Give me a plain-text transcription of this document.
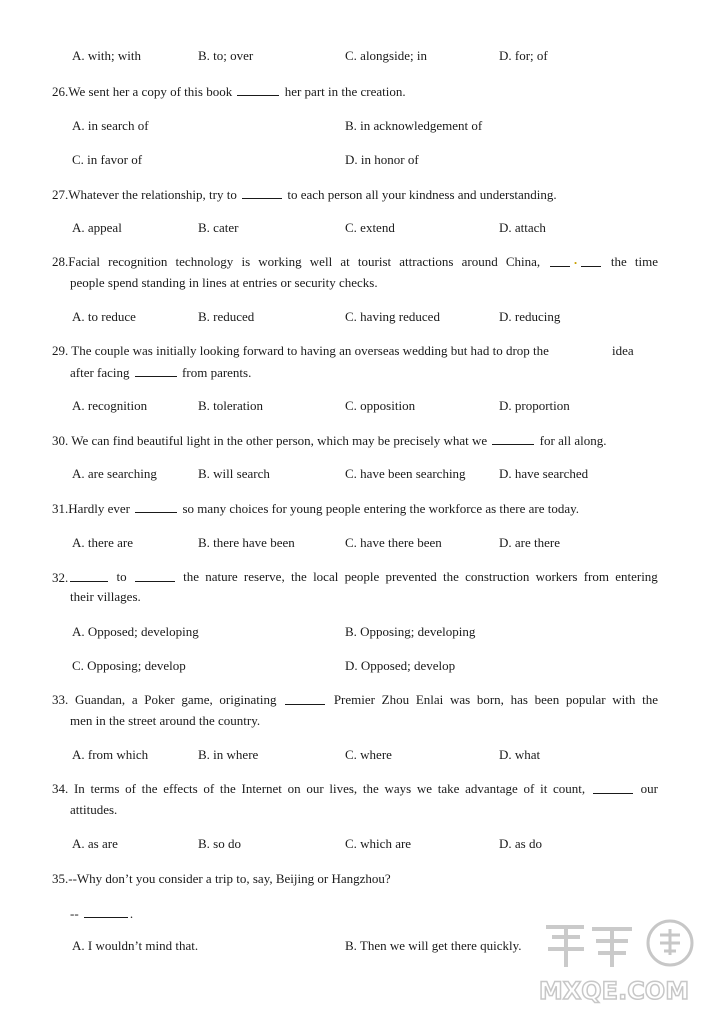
A. with; with	B. to; over	C. alongside; in	D. for; of
26.We sent her a copy of this book	her part in the creation.
A. in search of	B. in acknowledgement of
C. in favor of	D. in honor of
27.Whatever the relationship, try to	to each person all your kindness and understanding.
A. appeal	B. cater	C. extend	D. attach
28.Facial recognition technology is working well at tourist attractions around China,	·	the time
people spend standing in lines at entries or security checks.
A. to reduce	B. reduced	C. having reduced	D. reducing
29. The couple was initially looking forward to having an overseas wedding but had to drop the	idea
after facing	from parents.
A. recognition	B. toleration	C. opposition	D. proportion
30. We can find beautiful light in the other person, which may be precisely what we	for all along.
A. are searching	B. will search	C. have been searching	D. have searched
31.Hardly ever	so many choices for young people entering the workforce as there are today.
A. there are	B. there have been	C. have there been	D. are there
32.	to	the nature reserve, the local people prevented the construction workers from entering
their villages.
A. Opposed; developing	B. Opposing; developing
C. Opposing; develop	D. Opposed; develop
33. Guandan, a Poker game, originating	Premier Zhou Enlai was born, has been popular with the
men in the street around the country.
A. from which	B. in where	C. where	D. what
34. In terms of the effects of the Internet on our lives, the ways we take advantage of it count,	our
attitudes.
A. as are	B. so do	C. which are	D. as do
35.--Why don’t you consider a trip to, say, Beijing or Hangzhou?
--	.
A. I wouldn’t mind that.	B. Then we will get there quickly.
MXQE.COM
